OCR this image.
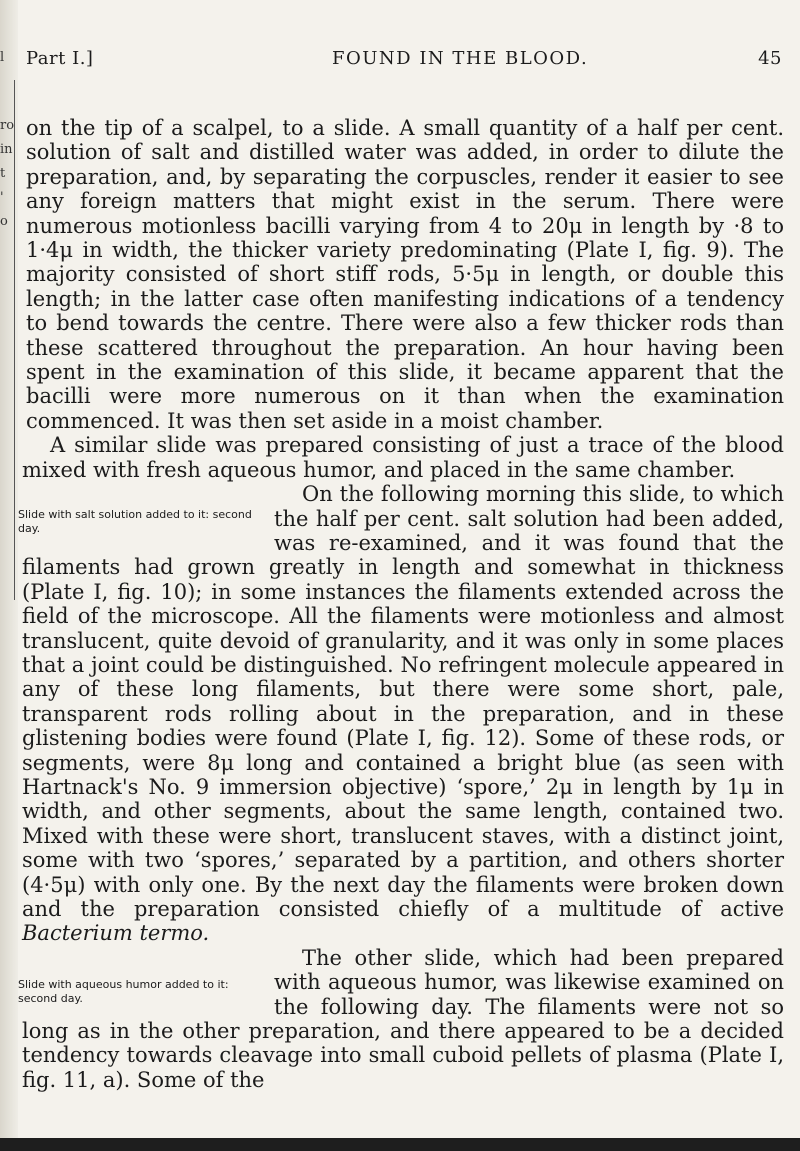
l
ro
in
t
'
o
Part I.]	FOUND IN THE BLOOD.	45

on the tip of a scalpel, to a slide. A small quantity of a half per cent. solution of salt and distilled water was added, in order to dilute the preparation, and, by separating the corpuscles, render it easier to see any foreign matters that might exist in the serum. There were numerous motionless bacilli varying from 4 to 20μ in length by ·8 to 1·4μ in width, the thicker variety predominating (Plate I, fig. 9). The majority consisted of short stiff rods, 5·5μ in length, or double this length; in the latter case often manifesting indications of a tendency to bend towards the centre. There were also a few thicker rods than these scattered throughout the preparation. An hour having been spent in the examination of this slide, it became apparent that the bacilli were more numerous on it than when the examination commenced. It was then set aside in a moist chamber.

A similar slide was prepared consisting of just a trace of the blood mixed with fresh aqueous humor, and placed in the same chamber.

Slide with salt solution added to it: second day.

On the following morning this slide, to which the half per cent. salt solution had been added, was re-examined, and it was found that the filaments had grown greatly in length and somewhat in thickness (Plate I, fig. 10); in some instances the filaments extended across the field of the microscope. All the filaments were motionless and almost translucent, quite devoid of granularity, and it was only in some places that a joint could be distinguished. No refringent molecule appeared in any of these long filaments, but there were some short, pale, transparent rods rolling about in the preparation, and in these glistening bodies were found (Plate I, fig. 12). Some of these rods, or segments, were 8μ long and contained a bright blue (as seen with Hartnack's No. 9 immersion objective) ‘spore,’ 2μ in length by 1μ in width, and other segments, about the same length, contained two. Mixed with these were short, translucent staves, with a distinct joint, some with two ‘spores,’ separated by a partition, and others shorter (4·5μ) with only one. By the next day the filaments were broken down and the preparation consisted chiefly of a multitude of active Bacterium termo.

Slide with aqueous humor added to it: second day.

The other slide, which had been prepared with aqueous humor, was likewise examined on the following day. The filaments were not so long as in the other preparation, and there appeared to be a decided tendency towards cleavage into small cuboid pellets of plasma (Plate I, fig. 11, a). Some of the
